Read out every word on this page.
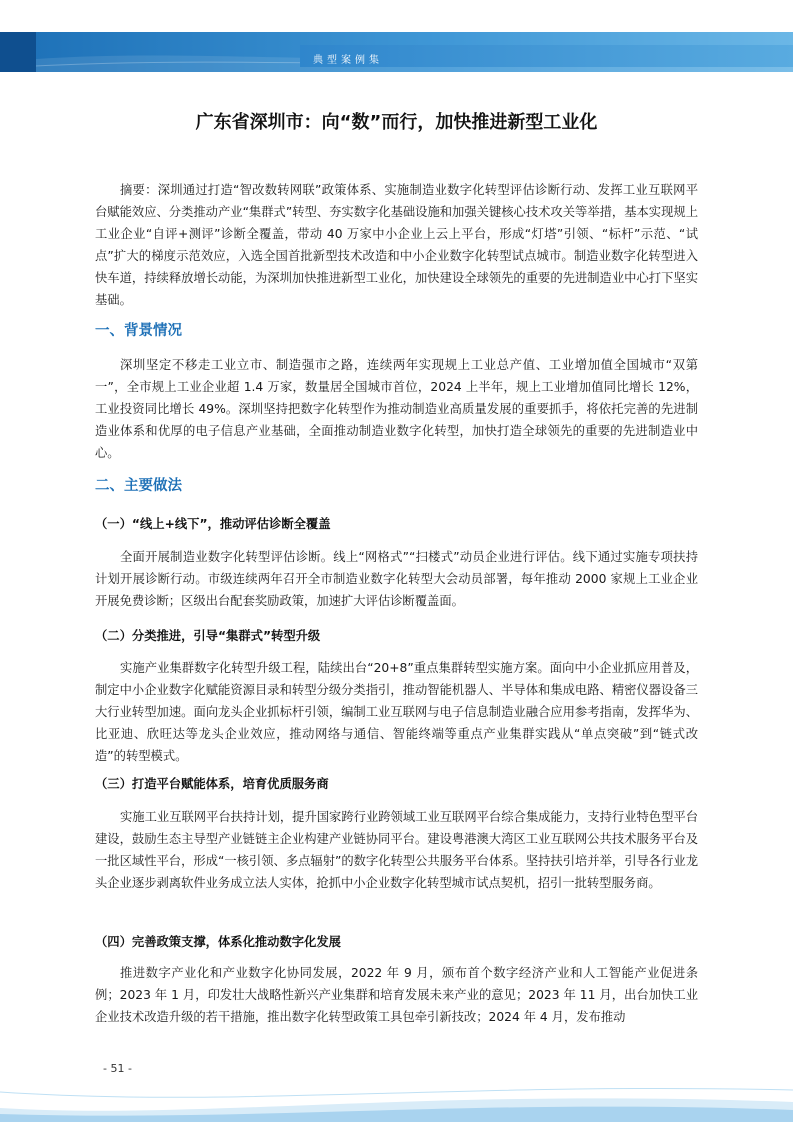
2024 制造业数字化转型
典型案例集
广东省深圳市：向“数”而行，加快推进新型工业化

摘要：深圳通过打造“智改数转网联”政策体系、实施制造业数字化转型评估诊断行动、发挥工业互联网平台赋能效应、分类推动产业“集群式”转型、夯实数字化基础设施和加强关键核心技术攻关等举措，基本实现规上工业企业“自评+测评”诊断全覆盖，带动 40 万家中小企业上云上平台，形成“灯塔”引领、“标杆”示范、“试点”扩大的梯度示范效应，入选全国首批新型技术改造和中小企业数字化转型试点城市。制造业数字化转型进入快车道，持续释放增长动能，为深圳加快推进新型工业化，加快建设全球领先的重要的先进制造业中心打下坚实基础。

一、背景情况

深圳坚定不移走工业立市、制造强市之路，连续两年实现规上工业总产值、工业增加值全国城市“双第一”，全市规上工业企业超 1.4 万家，数量居全国城市首位，2024 上半年，规上工业增加值同比增长 12%，工业投资同比增长 49%。深圳坚持把数字化转型作为推动制造业高质量发展的重要抓手，将依托完善的先进制造业体系和优厚的电子信息产业基础，全面推动制造业数字化转型，加快打造全球领先的重要的先进制造业中心。

二、主要做法
（一）“线上+线下”，推动评估诊断全覆盖

全面开展制造业数字化转型评估诊断。线上“网格式”“扫楼式”动员企业进行评估。线下通过实施专项扶持计划开展诊断行动。市级连续两年召开全市制造业数字化转型大会动员部署，每年推动 2000 家规上工业企业开展免费诊断；区级出台配套奖励政策，加速扩大评估诊断覆盖面。

（二）分类推进，引导“集群式”转型升级

实施产业集群数字化转型升级工程，陆续出台“20+8”重点集群转型实施方案。面向中小企业抓应用普及，制定中小企业数字化赋能资源目录和转型分级分类指引，推动智能机器人、半导体和集成电路、精密仪器设备三大行业转型加速。面向龙头企业抓标杆引领，编制工业互联网与电子信息制造业融合应用参考指南，发挥华为、比亚迪、欣旺达等龙头企业效应，推动网络与通信、智能终端等重点产业集群实践从“单点突破”到“链式改造”的转型模式。

（三）打造平台赋能体系，培育优质服务商

实施工业互联网平台扶持计划，提升国家跨行业跨领域工业互联网平台综合集成能力，支持行业特色型平台建设，鼓励生态主导型产业链链主企业构建产业链协同平台。建设粤港澳大湾区工业互联网公共技术服务平台及一批区域性平台，形成“一核引领、多点辐射”的数字化转型公共服务平台体系。坚持扶引培并举，引导各行业龙头企业逐步剥离软件业务成立法人实体，抢抓中小企业数字化转型城市试点契机，招引一批转型服务商。

（四）完善政策支撑，体系化推动数字化发展

推进数字产业化和产业数字化协同发展，2022 年 9 月，颁布首个数字经济产业和人工智能产业促进条例；2023 年 1 月，印发壮大战略性新兴产业集群和培育发展未来产业的意见；2023 年 11 月，出台加快工业企业技术改造升级的若干措施，推出数字化转型政策工具包牵引新技改；2024 年 4 月，发布推动

- 51 -
